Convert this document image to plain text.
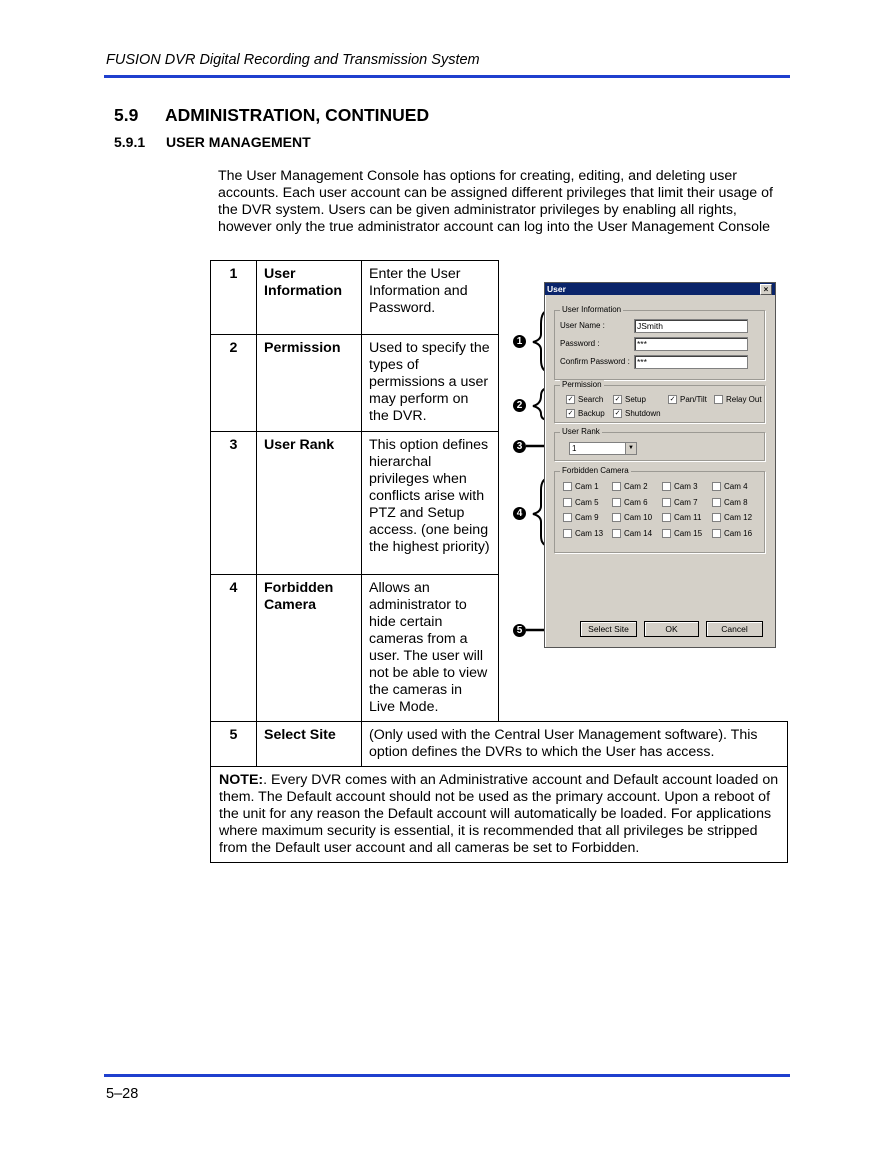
FUSION DVR Digital Recording and Transmission System
5.9 ADMINISTRATION, CONTINUED
5.9.1 USER MANAGEMENT
The User Management Console has options for creating, editing, and deleting user accounts. Each user account can be assigned different privileges that limit their usage of the DVR system. Users can be given administrator privileges by enabling all rights, however only the true administrator account can log into the User Management Console
1	User Information	Enter the User Information and Password.	
2	Permission	Used to specify the types of permissions a user may perform on the DVR.	
3	User Rank	This option defines hierarchal privileges when conflicts arise with PTZ and Setup access. (one being the highest priority)	
4	Forbidden Camera	Allows an administrator to hide certain cameras from a user. The user will not be able to view the cameras in Live Mode.	
5	Select Site	(Only used with the Central User Management software). This option defines the DVRs to which the User has access.	
NOTE:. Every DVR comes with an Administrative account and Default account loaded on them. The Default account should not be used as the primary account. Upon a reboot of the unit for any reason the Default account will automatically be loaded. For applications where maximum security is essential, it is recommended that all privileges be stripped from the Default user account and all cameras be set to Forbidden.			
1
2
3
4
5
User	×
User Information
User Name :	JSmith
Password :	***
Confirm Password : ***
Permission
✓ Search ✓ Setup	✓ Pan/Tilt Relay Out
✓ Backup ✓ Shutdown
User Rank
1	▼
Forbidden Camera
Cam 1	Cam 2	Cam 3	Cam 4
Cam 5	Cam 6	Cam 7	Cam 8
Cam 9	Cam 10	Cam 11	Cam 12
Cam 13	Cam 14	Cam 15	Cam 16
Select Site	OK	Cancel
5–28
